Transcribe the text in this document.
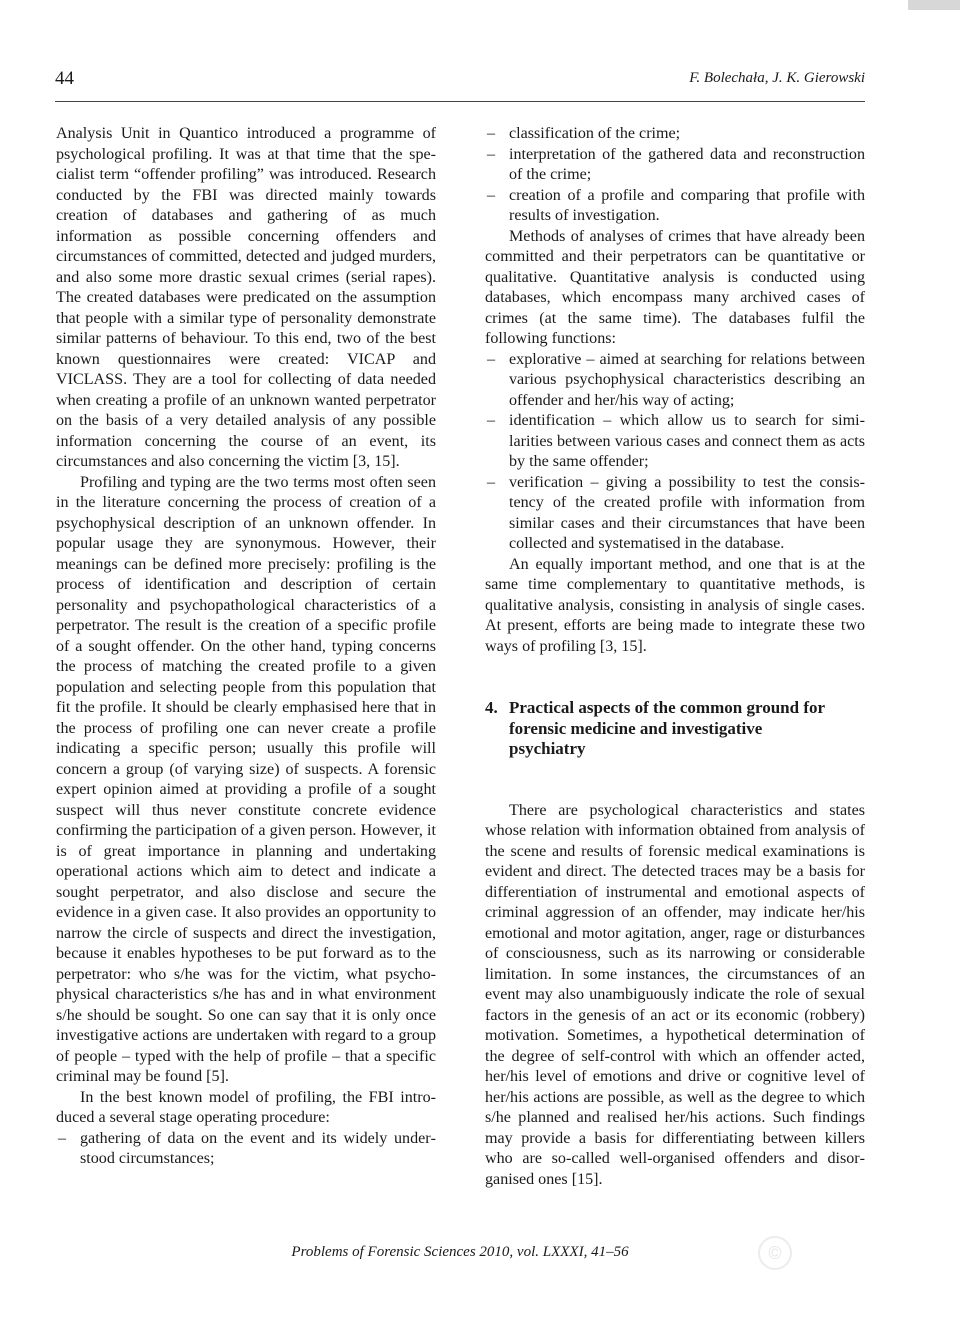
44	F. Bolechała, J. K. Gierowski

Analysis Unit in Quantico introduced a programme of psychological profiling. It was at that time that the specialist term “offender profiling” was introduced. Research conducted by the FBI was directed mainly towards creation of databases and gathering of as much information as possible concerning offenders and circumstances of committed, detected and judged murders, and also some more drastic sexual crimes (serial rapes). The created databases were predicated on the assumption that people with a similar type of personality demonstrate similar patterns of behaviour. To this end, two of the best known questionnaires were created: VICAP and VICLASS. They are a tool for collecting of data needed when creating a profile of an unknown wanted perpetrator on the basis of a very detailed analysis of any possible information concerning the course of an event, its circumstances and also concerning the victim [3, 15].

Profiling and typing are the two terms most often seen in the literature concerning the process of creation of a psychophysical description of an unknown offender. In popular usage they are synonymous. However, their meanings can be defined more precisely: profiling is the process of identification and description of certain personality and psychopathological characteristics of a perpetrator. The result is the creation of a specific profile of a sought offender. On the other hand, typing concerns the process of matching the created profile to a given population and selecting people from this population that fit the profile. It should be clearly emphasised here that in the process of profiling one can never create a profile indicating a specific person; usually this profile will concern a group (of varying size) of suspects. A forensic expert opinion aimed at providing a profile of a sought suspect will thus never constitute concrete evidence confirming the participation of a given person. However, it is of great importance in planning and undertaking operational actions which aim to detect and indicate a sought perpetrator, and also disclose and secure the evidence in a given case. It also provides an opportunity to narrow the circle of suspects and direct the investigation, because it enables hypotheses to be put forward as to the perpetrator: who s/he was for the victim, what psychophysical characteristics s/he has and in what environment s/he should be sought. So one can say that it is only once investigative actions are undertaken with regard to a group of people – typed with the help of profile – that a specific criminal may be found [5].

In the best known model of profiling, the FBI introduced a several stage operating procedure:

– gathering of data on the event and its widely understood circumstances;
– classification of the crime;
– interpretation of the gathered data and reconstruction of the crime;
– creation of a profile and comparing that profile with results of investigation.

Methods of analyses of crimes that have already been committed and their perpetrators can be quantitative or qualitative. Quantitative analysis is conducted using databases, which encompass many archived cases of crimes (at the same time). The databases fulfil the following functions:

– explorative – aimed at searching for relations between various psychophysical characteristics describing an offender and her/his way of acting;
– identification – which allow us to search for similarities between various cases and connect them as acts by the same offender;
– verification – giving a possibility to test the consistency of the created profile with information from similar cases and their circumstances that have been collected and systematised in the database.

An equally important method, and one that is at the same time complementary to quantitative methods, is qualitative analysis, consisting in analysis of single cases. At present, efforts are being made to integrate these two ways of profiling [3, 15].

4. Practical aspects of the common ground for forensic medicine and investigative psychiatry

There are psychological characteristics and states whose relation with information obtained from analysis of the scene and results of forensic medical examinations is evident and direct. The detected traces may be a basis for differentiation of instrumental and emotional aspects of criminal aggression of an offender, may indicate her/his emotional and motor agitation, anger, rage or disturbances of consciousness, such as its narrowing or considerable limitation. In some instances, the circumstances of an event may also unambiguously indicate the role of sexual factors in the genesis of an act or its economic (robbery) motivation. Sometimes, a hypothetical determination of the degree of self-control with which an offender acted, her/his level of emotions and drive or cognitive level of her/his actions are possible, as well as the degree to which s/he planned and realised her/his actions. Such findings may provide a basis for differentiating between killers who are so-called well-organised offenders and disorganised ones [15].

Problems of Forensic Sciences 2010, vol. LXXXI, 41–56	©
